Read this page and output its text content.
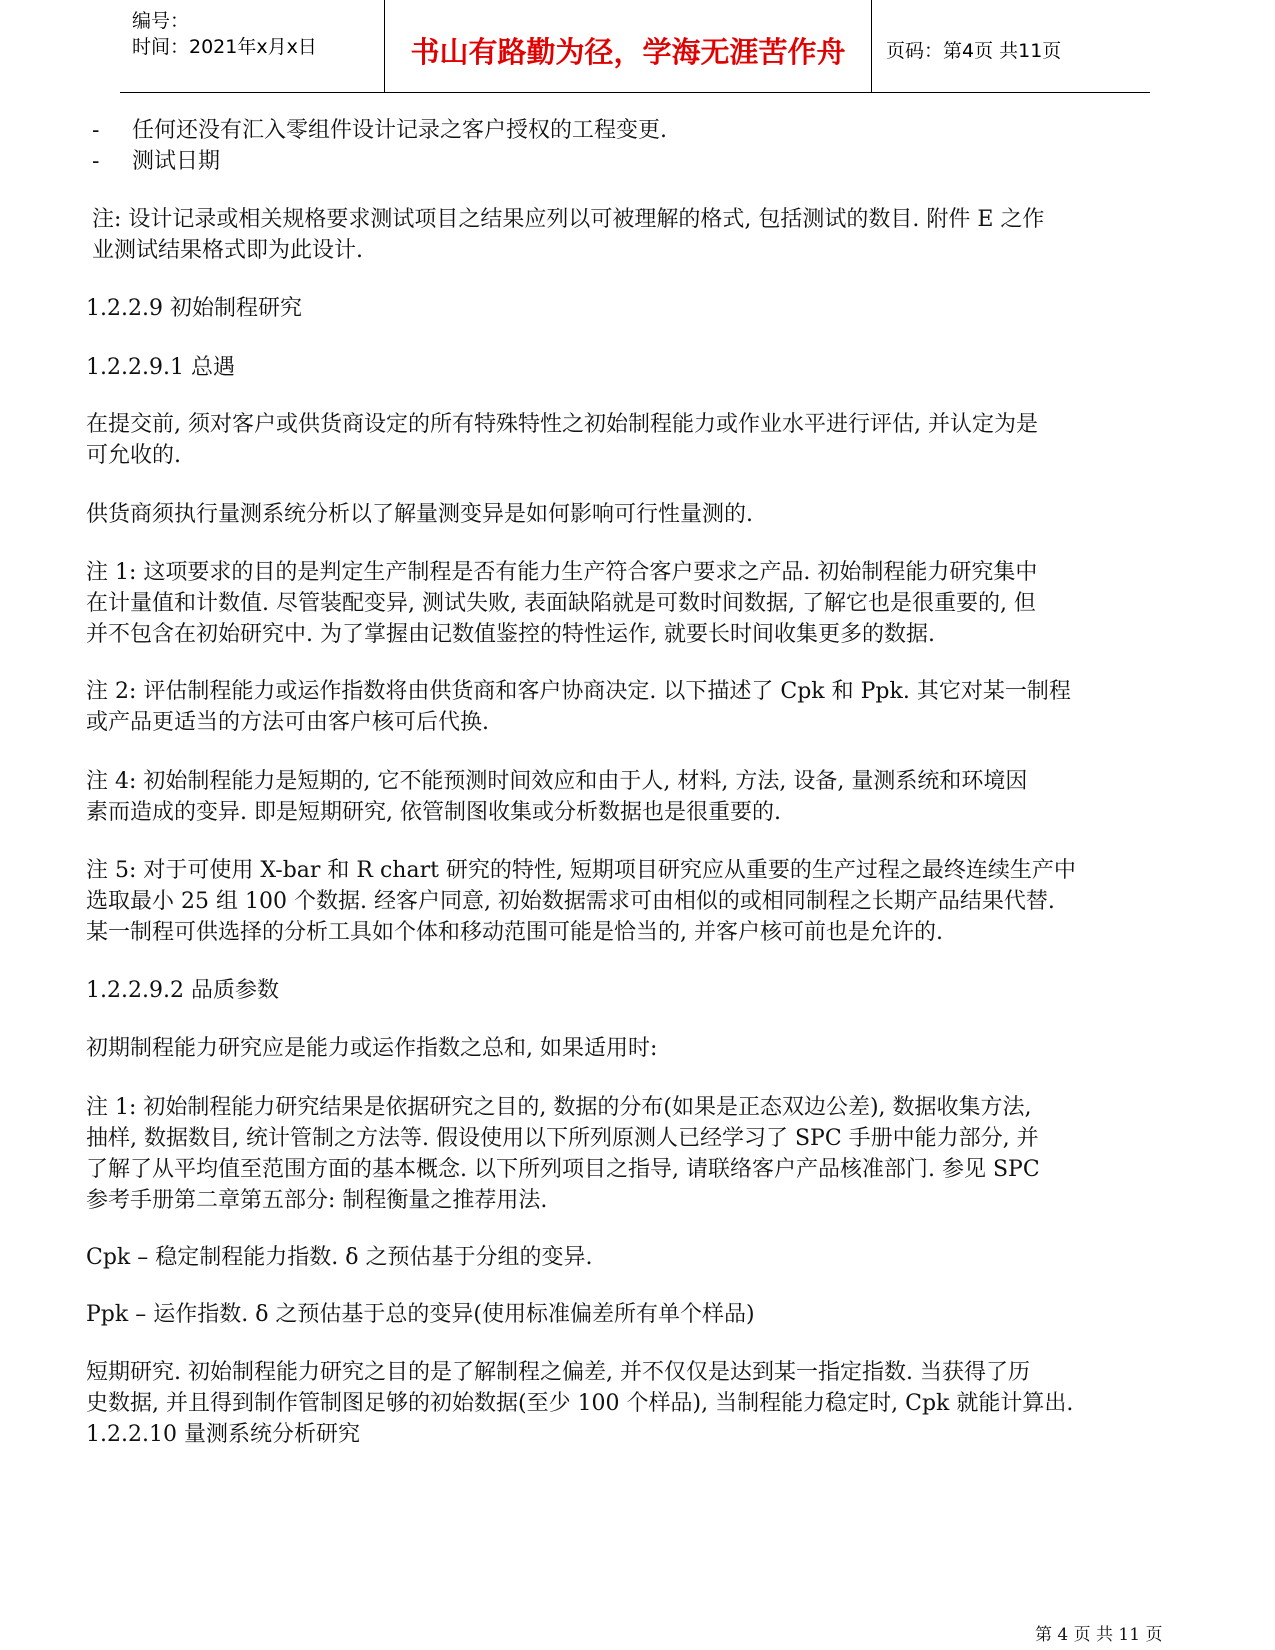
编号：
时间：2021年x月x日	书山有路勤为径，学海无涯苦作舟	页码：第4页 共11页
- 任何还没有汇入零组件设计记录之客户授权的工程变更.
- 测试日期
注: 设计记录或相关规格要求测试项目之结果应列以可被理解的格式, 包括测试的数目. 附件 E 之作
业测试结果格式即为此设计.
1.2.2.9 初始制程研究
1.2.2.9.1 总遇
在提交前, 须对客户或供货商设定的所有特殊特性之初始制程能力或作业水平进行评估, 并认定为是
可允收的.
供货商须执行量测系统分析以了解量测变异是如何影响可行性量测的.
注 1: 这项要求的目的是判定生产制程是否有能力生产符合客户要求之产品. 初始制程能力研究集中
在计量值和计数值. 尽管装配变异, 测试失败, 表面缺陷就是可数时间数据, 了解它也是很重要的, 但
并不包含在初始研究中. 为了掌握由记数值鉴控的特性运作, 就要长时间收集更多的数据.
注 2: 评估制程能力或运作指数将由供货商和客户协商决定. 以下描述了 Cpk 和 Ppk. 其它对某一制程
或产品更适当的方法可由客户核可后代换.
注 4: 初始制程能力是短期的, 它不能预测时间效应和由于人, 材料, 方法, 设备, 量测系统和环境因
素而造成的变异. 即是短期研究, 依管制图收集或分析数据也是很重要的.
注 5: 对于可使用 X-bar 和 R chart 研究的特性, 短期项目研究应从重要的生产过程之最终连续生产中
选取最小 25 组 100 个数据. 经客户同意, 初始数据需求可由相似的或相同制程之长期产品结果代替.
某一制程可供选择的分析工具如个体和移动范围可能是恰当的, 并客户核可前也是允许的.
1.2.2.9.2 品质参数
初期制程能力研究应是能力或运作指数之总和, 如果适用时:
注 1: 初始制程能力研究结果是依据研究之目的, 数据的分布(如果是正态双边公差), 数据收集方法,
抽样, 数据数目, 统计管制之方法等. 假设使用以下所列原测人已经学习了 SPC 手册中能力部分, 并
了解了从平均值至范围方面的基本概念. 以下所列项目之指导, 请联络客户产品核准部门. 参见 SPC
参考手册第二章第五部分: 制程衡量之推荐用法.
Cpk – 稳定制程能力指数. δ 之预估基于分组的变异.
Ppk – 运作指数. δ 之预估基于总的变异(使用标准偏差所有单个样品)
短期研究. 初始制程能力研究之目的是了解制程之偏差, 并不仅仅是达到某一指定指数. 当获得了历
史数据, 并且得到制作管制图足够的初始数据(至少 100 个样品), 当制程能力稳定时, Cpk 就能计算出.
1.2.2.10 量测系统分析研究
第 4 页 共 11 页
